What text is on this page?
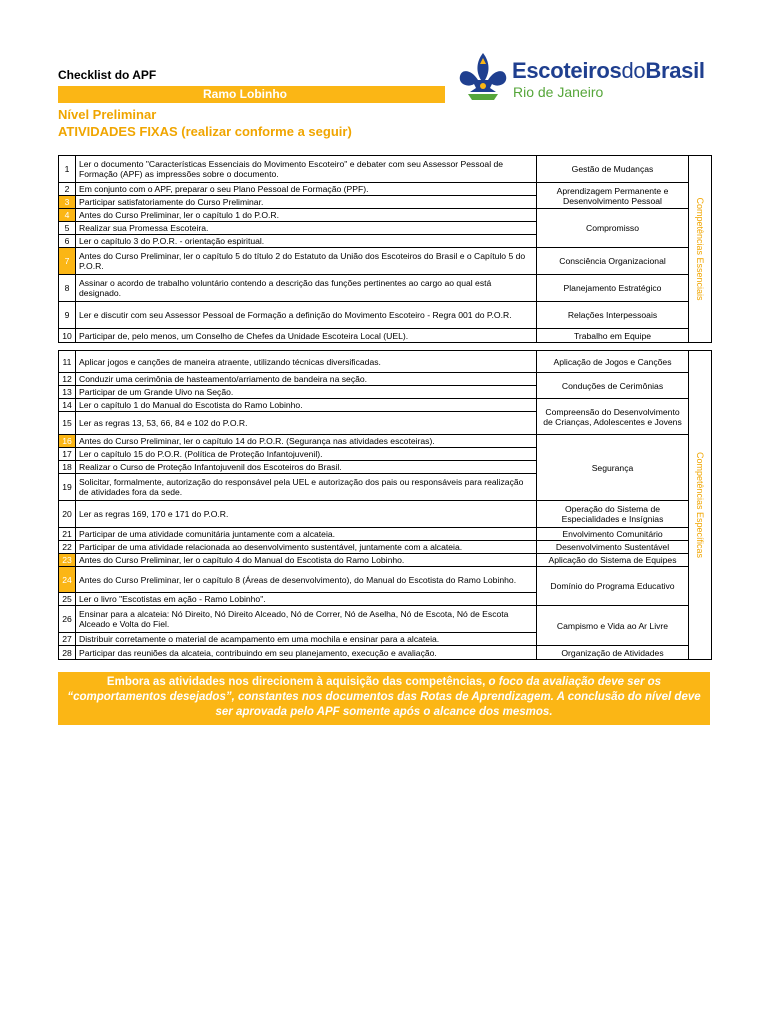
Checklist do APF
Ramo Lobinho
Nível Preliminar
ATIVIDADES FIXAS (realizar conforme a seguir)
EscoteirosdoBrasil
Rio de Janeiro
1	Ler o documento "Características Essenciais do Movimento Escoteiro" e debater com seu Assessor Pessoal de Formação (APF) as impressões sobre o documento.	Gestão de Mudanças	Competências Essenciais

2	Em conjunto com o APF, preparar o seu Plano Pessoal de Formação (PPF).	Aprendizagem Permanente e Desenvolvimento Pessoal	
3	Participar satisfatoriamente do Curso Preliminar.		
4	Antes do Curso Preliminar, ler o capítulo 1 do P.O.R.	Compromisso	
5	Realizar sua Promessa Escoteira.		
6	Ler o capítulo 3 do P.O.R. - orientação espiritual.		
7	Antes do Curso Preliminar, ler o capítulo 5 do título 2 do Estatuto da União dos Escoteiros do Brasil e o Capítulo 5 do P.O.R.	Consciência Organizacional	
8	Assinar o acordo de trabalho voluntário contendo a descrição das funções pertinentes ao cargo ao qual está designado.	Planejamento Estratégico	
9	Ler e discutir com seu Assessor Pessoal de Formação a definição do Movimento Escoteiro - Regra 001 do P.O.R.	Relações Interpessoais	
10	Participar de, pelo menos, um Conselho de Chefes da Unidade Escoteira Local (UEL).	Trabalho em Equipe	
11	Aplicar jogos e canções de maneira atraente, utilizando técnicas diversificadas.	Aplicação de Jogos e Canções	Competências Específicas

12	Conduzir uma cerimônia de hasteamento/arriamento de bandeira na seção.	Conduções de Cerimônias	
13	Participar de um Grande Uivo na Seção.		
14	Ler o capítulo 1 do Manual do Escotista do Ramo Lobinho.	Compreensão do Desenvolvimento de Crianças, Adolescentes e Jovens	
15	Ler as regras 13, 53, 66, 84 e 102 do P.O.R.		
16	Antes do Curso Preliminar, ler o capítulo 14 do P.O.R. (Segurança nas atividades escoteiras).	Segurança	
17	Ler o capítulo 15 do P.O.R. (Política de Proteção Infantojuvenil).		
18	Realizar o Curso de Proteção Infantojuvenil dos Escoteiros do Brasil.		
19	Solicitar, formalmente, autorização do responsável pela UEL e autorização dos pais ou responsáveis para realização de atividades fora da sede.		
20	Ler as regras 169, 170 e 171 do P.O.R.	Operação do Sistema de Especialidades e Insígnias	
21	Participar de uma atividade comunitária juntamente com a alcateia.	Envolvimento Comunitário	
22	Participar de uma atividade relacionada ao desenvolvimento sustentável, juntamente com a alcateia.	Desenvolvimento Sustentável	
23	Antes do Curso Preliminar, ler o capítulo 4 do Manual do Escotista do Ramo Lobinho.	Aplicação do Sistema de Equipes	
24	Antes do Curso Preliminar, ler o capítulo 8 (Áreas de desenvolvimento), do Manual do Escotista do Ramo Lobinho.	Domínio do Programa Educativo	
25	Ler o livro "Escotistas em ação - Ramo Lobinho".		
26	Ensinar para a alcateia: Nó Direito, Nó Direito Alceado, Nó de Correr, Nó de Aselha, Nó de Escota, Nó de Escota Alceado e Volta do Fiel.	Campismo e Vida ao Ar Livre	
27	Distribuir corretamente o material de acampamento em uma mochila e ensinar para a alcateia.		
28	Participar das reuniões da alcateia, contribuindo em seu planejamento, execução e avaliação.	Organização de Atividades	
Embora as atividades nos direcionem à aquisição das competências, o foco da avaliação deve ser os “comportamentos desejados”, constantes nos documentos das Rotas de Aprendizagem. A conclusão do nível deve ser aprovada pelo APF somente após o alcance dos mesmos.
